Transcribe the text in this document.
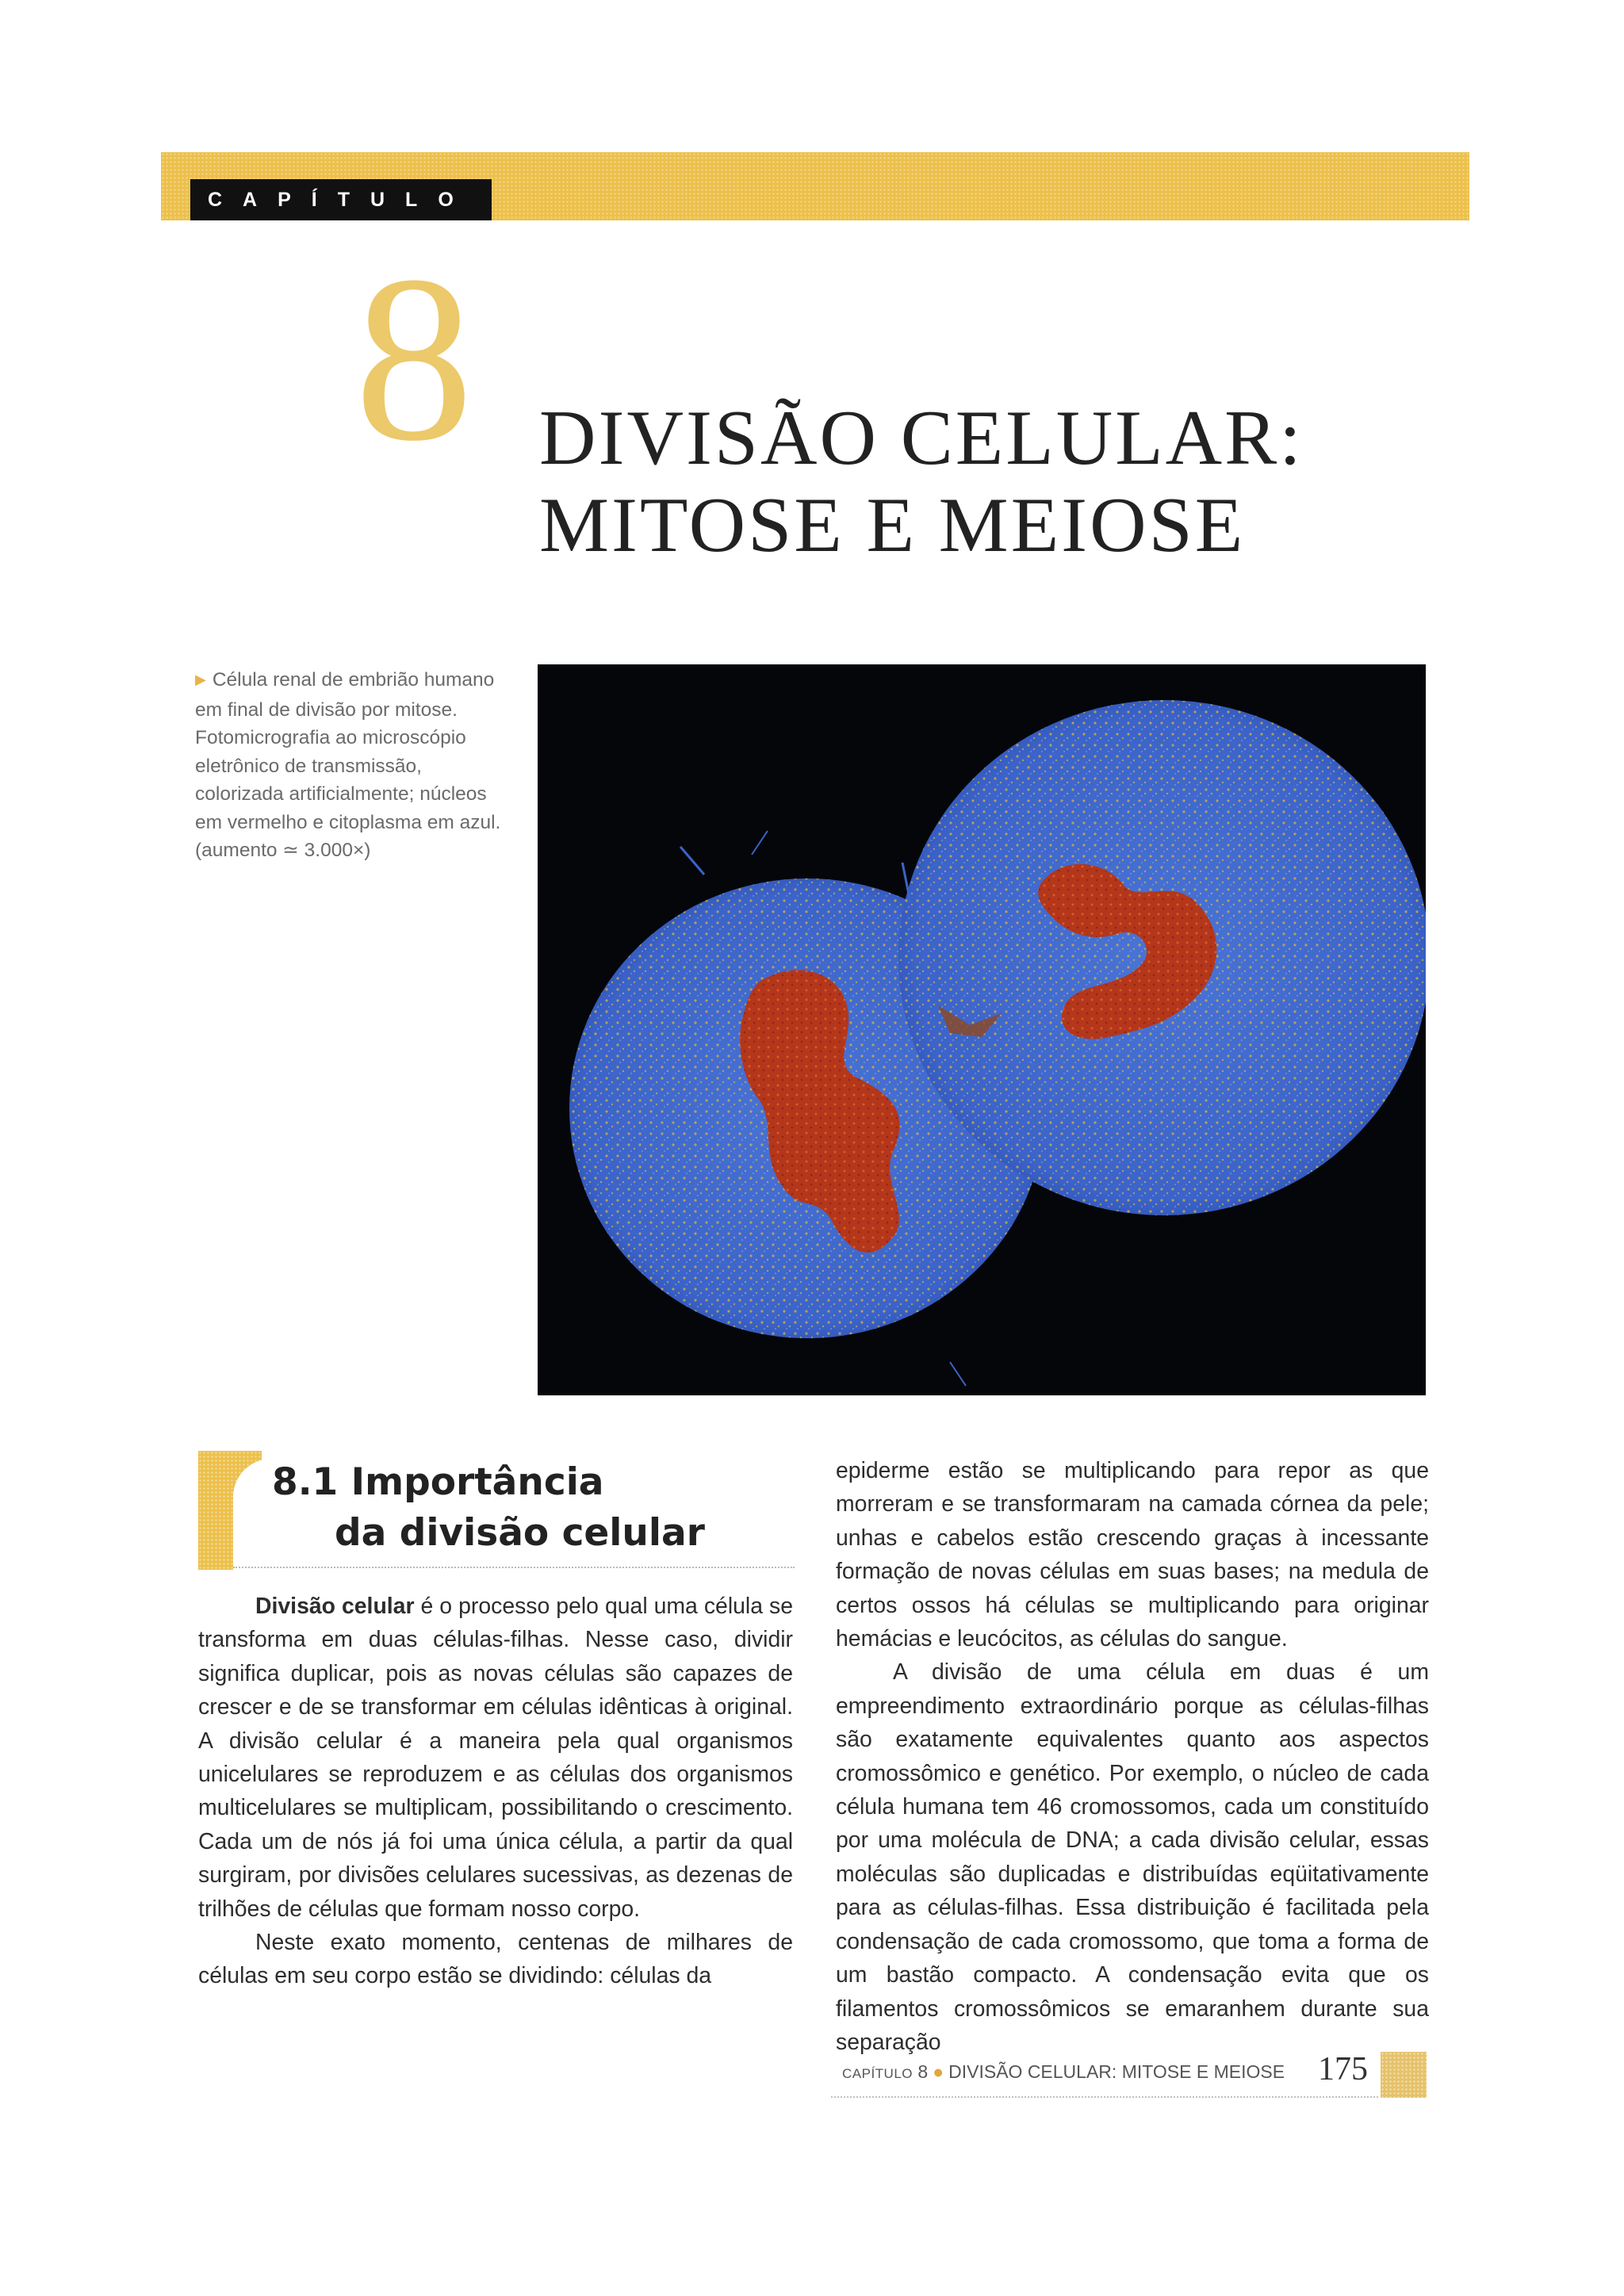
CAPÍTULO
8 DIVISÃO CELULAR:
MITOSE E MEIOSE
▶ Célula renal de embrião humano em final de divisão por mitose. Fotomicrografia ao microscópio eletrônico de transmissão, colorizada artificialmente; núcleos em vermelho e citoplasma em azul. (aumento ≃ 3.000×)
8.1 Importância
da divisão celular

Divisão celular é o processo pelo qual uma célula se transforma em duas células-filhas. Nesse caso, dividir significa duplicar, pois as novas células são capazes de crescer e de se transformar em células idênticas à original. A divisão celular é a maneira pela qual organismos unicelulares se reproduzem e as células dos organismos multicelulares se multiplicam, possibilitando o crescimento. Cada um de nós já foi uma única célula, a partir da qual surgiram, por divisões celulares sucessivas, as dezenas de trilhões de células que formam nosso corpo.

Neste exato momento, centenas de milhares de células em seu corpo estão se dividindo: células da

epiderme estão se multiplicando para repor as que morreram e se transformaram na camada córnea da pele; unhas e cabelos estão crescendo graças à incessante formação de novas células em suas bases; na medula de certos ossos há células se multiplicando para originar hemácias e leucócitos, as células do sangue.

A divisão de uma célula em duas é um empreendimento extraordinário porque as células-filhas são exatamente equivalentes quanto aos aspectos cromossômico e genético. Por exemplo, o núcleo de cada célula humana tem 46 cromossomos, cada um constituído por uma molécula de DNA; a cada divisão celular, essas moléculas são duplicadas e distribuídas eqüitativamente para as células-filhas. Essa distribuição é facilitada pela condensação de cada cromossomo, que toma a forma de um bastão compacto. A condensação evita que os filamentos cromossômicos se emaranhem durante sua separação

CAPÍTULO 8 ● DIVISÃO CELULAR: MITOSE E MEIOSE 175
